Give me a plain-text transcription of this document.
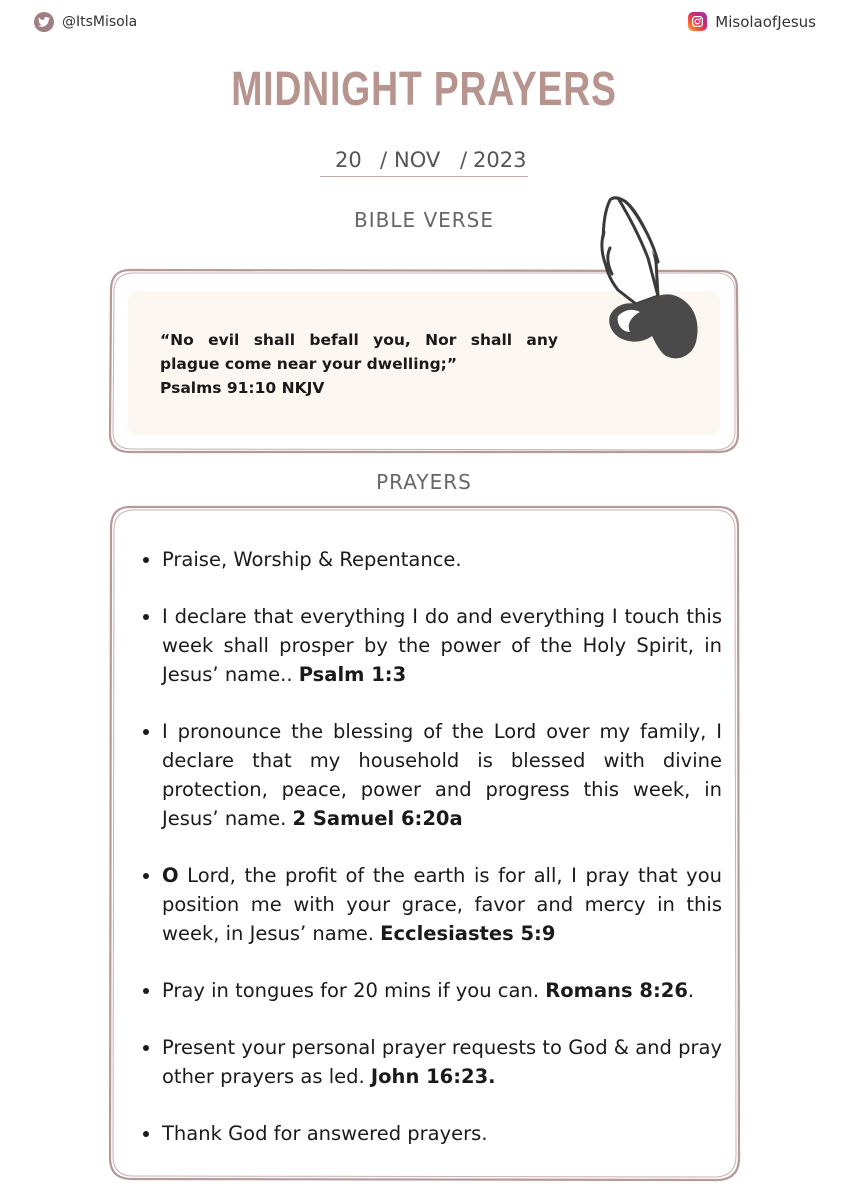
@ItsMisola	MisolaofJesus
MIDNIGHT PRAYERS
20 / NOV / 2023
BIBLE VERSE
“No evil shall befall you, Nor shall any plague come near your dwelling;”
Psalms 91:10 NKJV
PRAYERS
Praise, Worship & Repentance.
I declare that everything I do and everything I touch this week shall prosper by the power of the Holy Spirit, in Jesus’ name.. Psalm 1:3
I pronounce the blessing of the Lord over my family, I declare that my household is blessed with divine protection, peace, power and progress this week, in Jesus’ name. 2 Samuel 6:20a
O Lord, the profit of the earth is for all, I pray that you position me with your grace, favor and mercy in this week, in Jesus’ name. Ecclesiastes 5:9
Pray in tongues for 20 mins if you can. Romans 8:26.
Present your personal prayer requests to God & and pray other prayers as led. John 16:23.
Thank God for answered prayers.
